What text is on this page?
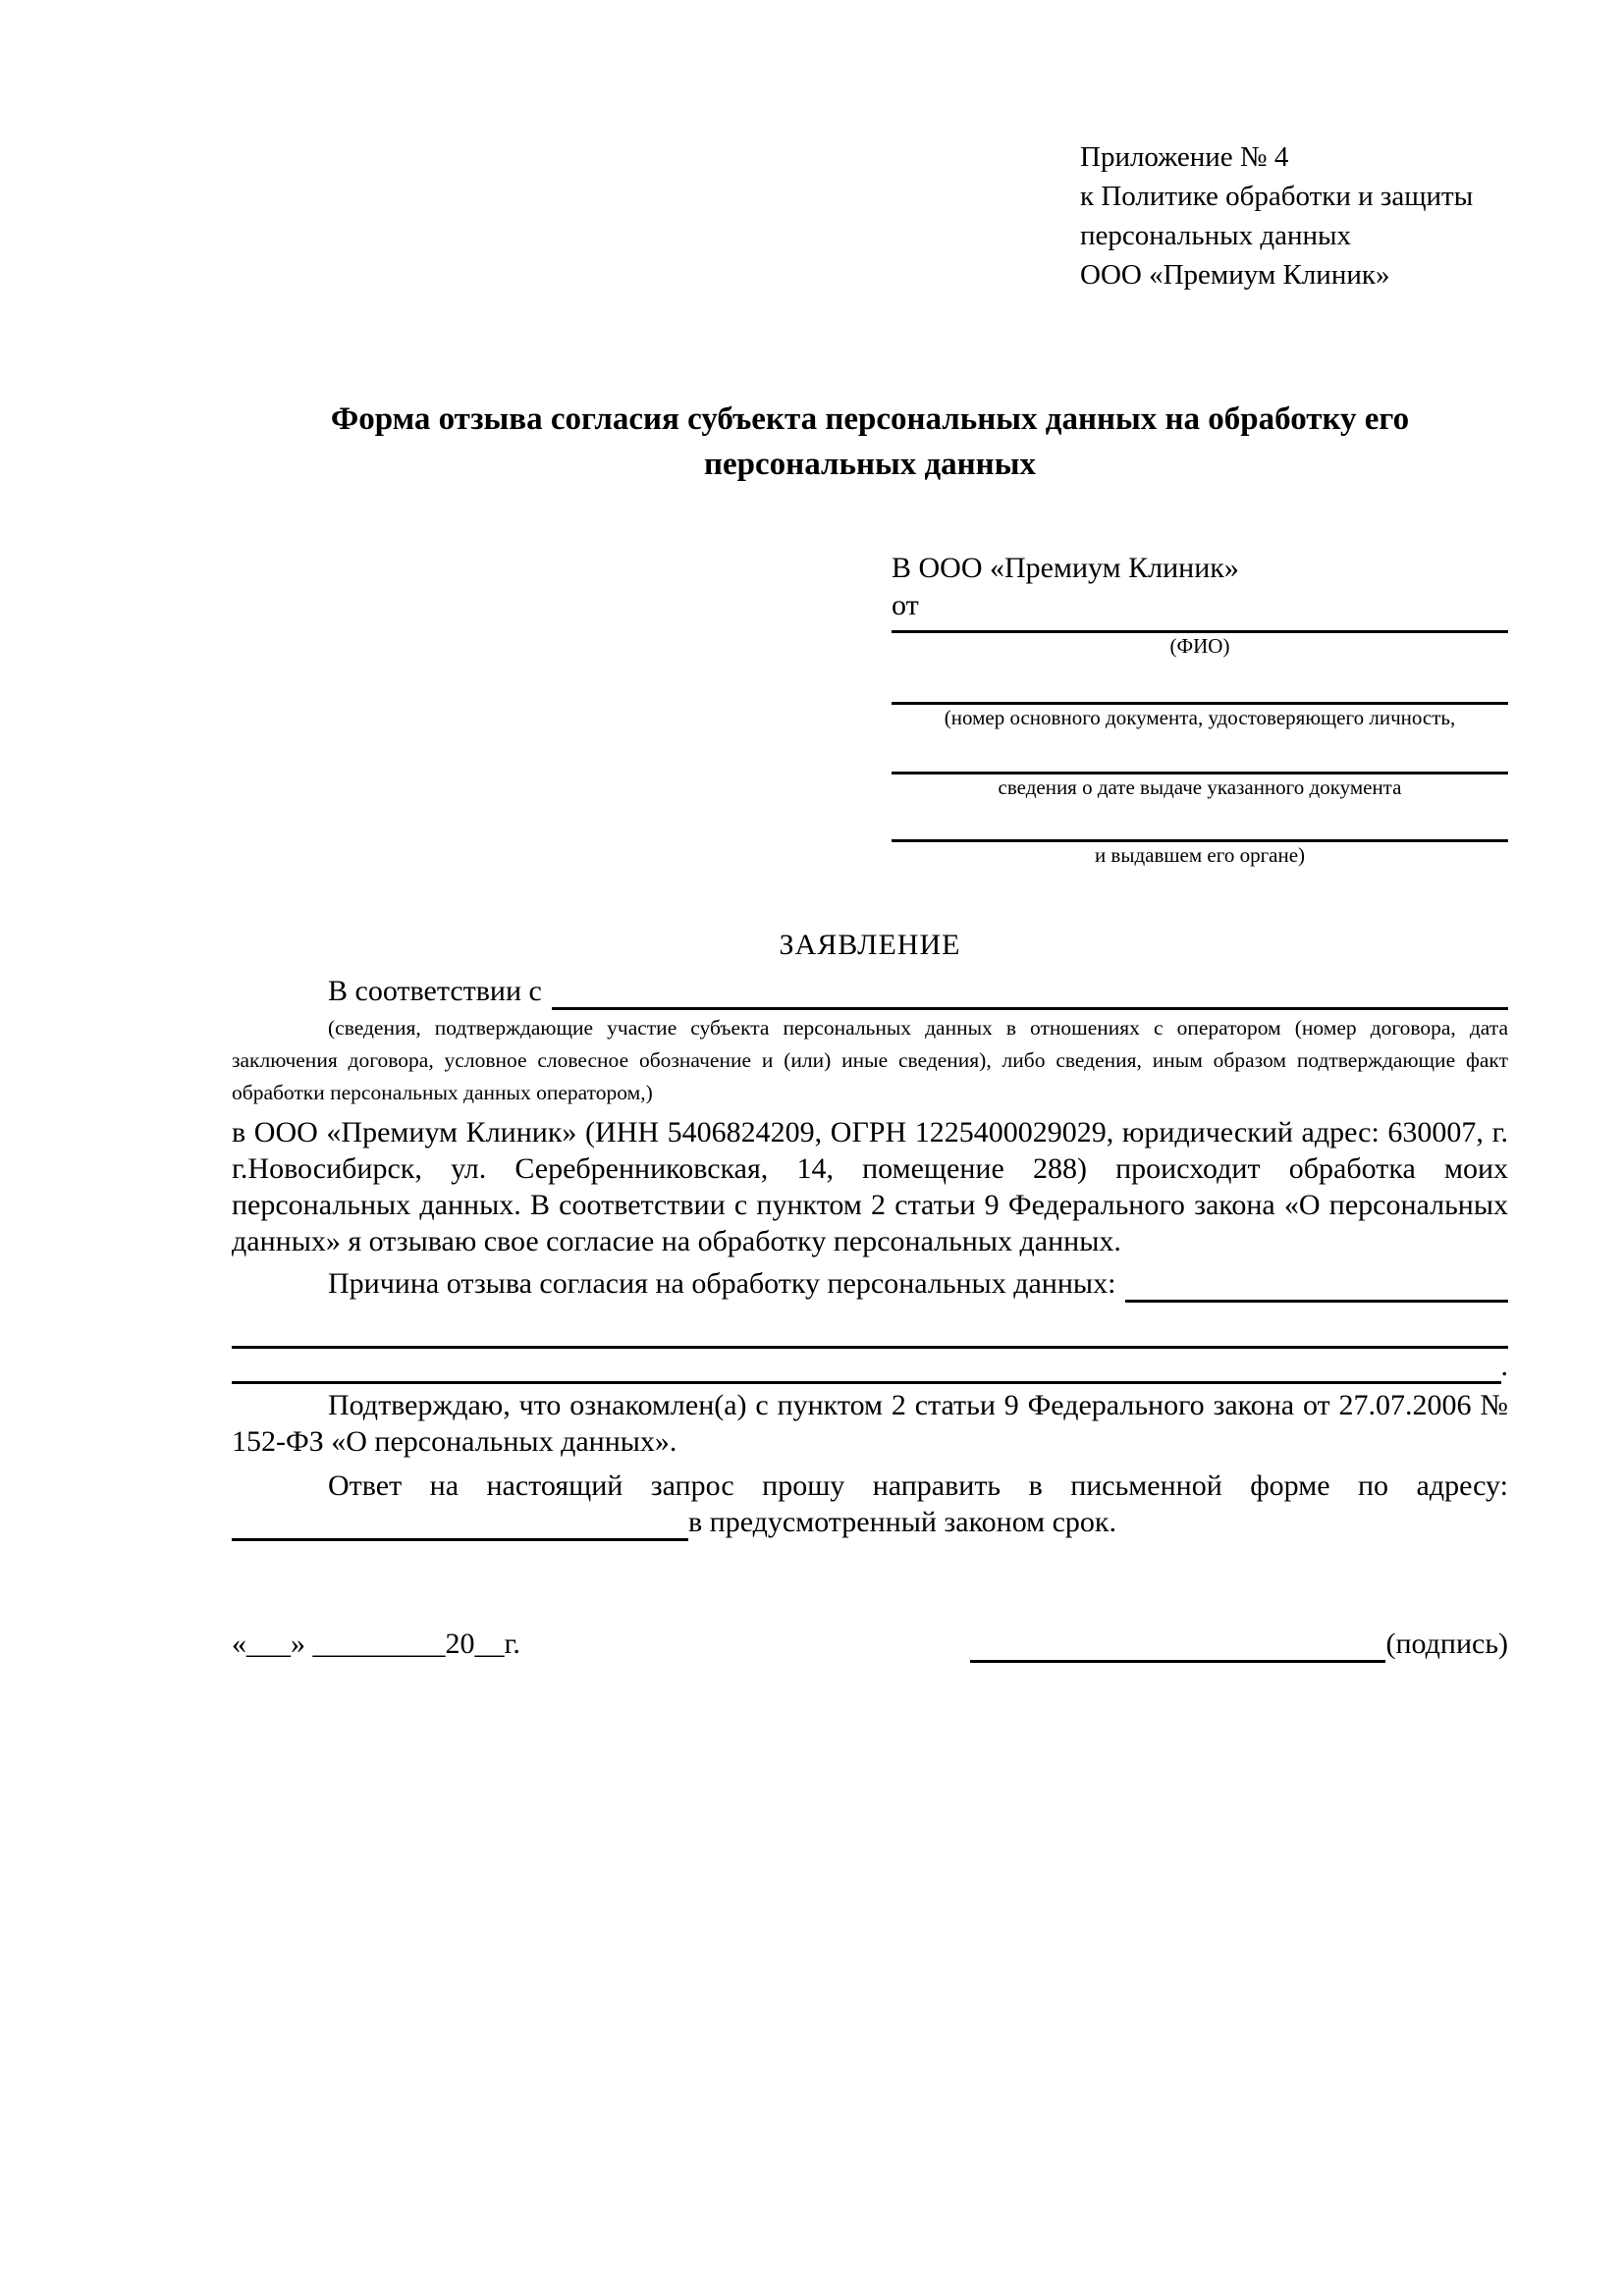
Приложение № 4
к Политике обработки и защиты
персональных данных
ООО «Премиум Клиник»
Форма отзыва согласия субъекта персональных данных на обработку его персональных данных
В ООО «Премиум Клиник»
от
(ФИО)
(номер основного документа, удостоверяющего личность,
сведения о дате выдаче указанного документа
и выдавшем его органе)
ЗАЯВЛЕНИЕ
В соответствии с

(сведения, подтверждающие участие субъекта персональных данных в отношениях с оператором (номер договора, дата заключения договора, условное словесное обозначение и (или) иные сведения), либо сведения, иным образом подтверждающие факт обработки персональных данных оператором,)

в ООО «Премиум Клиник» (ИНН 5406824209, ОГРН 1225400029029, юридический адрес: 630007, г. г.Новосибирск, ул. Серебренниковская, 14, помещение 288) происходит обработка моих персональных данных. В соответствии с пунктом 2 статьи 9 Федерального закона «О персональных данных» я отзываю свое согласие на обработку персональных данных.

Причина отзыва согласия на обработку персональных данных:
.

Подтверждаю, что ознакомлен(а) с пунктом 2 статьи 9 Федерального закона от 27.07.2006 № 152-ФЗ «О персональных данных».

Ответ на настоящий запрос прошу направить в письменной форме по адресу:

в предусмотренный законом срок.
«___» _________20__г.	(подпись)
